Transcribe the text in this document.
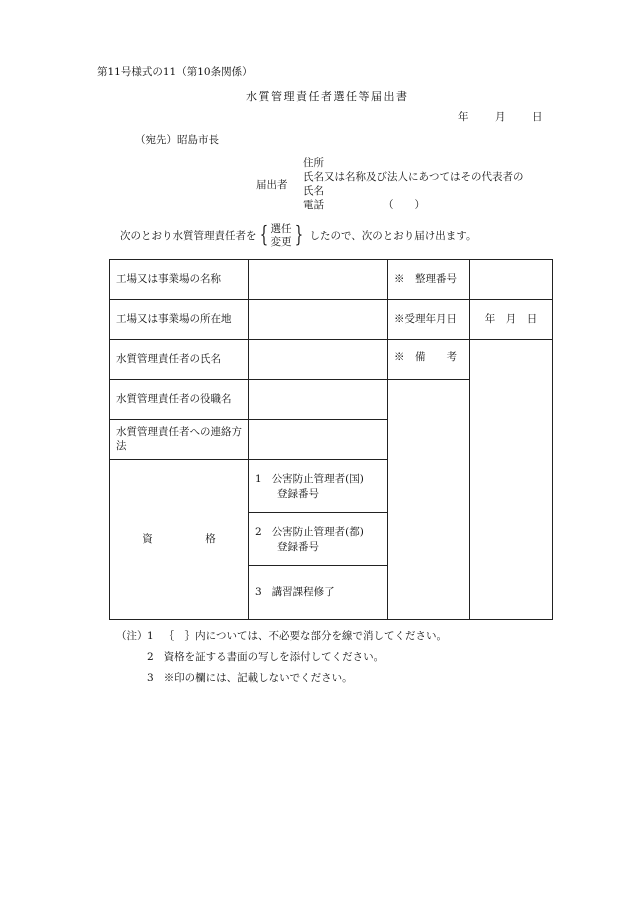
第11号様式の11（第10条関係）
水質管理責任者選任等届出書
年	月	日
（宛先）昭島市長
届出者
住所
氏名又は名称及び法人にあつてはその代表者の
氏名
電話	（　　）
次のとおり水質管理責任者を { 選任
変更 } したので、次のとおり届け出ます。
工場又は事業場の名称		※　整理番号	
工場又は事業場の所在地		※受理年月日	年　月　日
水質管理責任者の氏名		※　備　　考	
水質管理責任者の役職名			
水質管理責任者への連絡方法			
資　　　　　格	1 公害防止管理者(国)
登録番号		

	2 公害防止管理者(都)
登録番号		

	3 講習課程修了		
（注） 1 ｛　｝内については、不必要な部分を線で消してください。
2 資格を証する書面の写しを添付してください。
3 ※印の欄には、記載しないでください。
